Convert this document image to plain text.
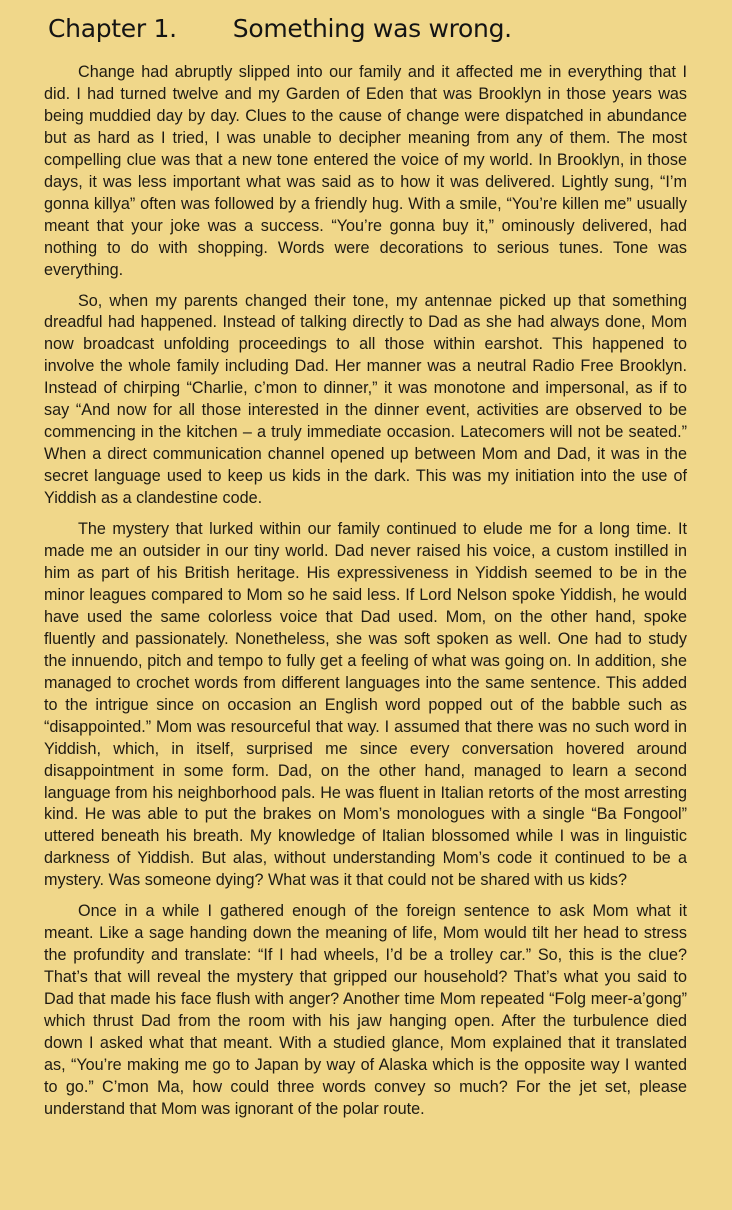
Chapter 1. Something was wrong.

Change had abruptly slipped into our family and it affected me in everything that I did. I had turned twelve and my Garden of Eden that was Brooklyn in those years was being muddied day by day. Clues to the cause of change were dispatched in abundance but as hard as I tried, I was unable to decipher meaning from any of them. The most compelling clue was that a new tone entered the voice of my world. In Brooklyn, in those days, it was less important what was said as to how it was delivered. Lightly sung, “I’m gonna killya” often was followed by a friendly hug. With a smile, “You’re killen me” usually meant that your joke was a success. “You’re gonna buy it,” ominously delivered, had nothing to do with shopping. Words were decorations to serious tunes. Tone was everything.

So, when my parents changed their tone, my antennae picked up that something dreadful had happened. Instead of talking directly to Dad as she had always done, Mom now broadcast unfolding proceedings to all those within earshot. This happened to involve the whole family including Dad. Her manner was a neutral Radio Free Brooklyn. Instead of chirping “Charlie, c’mon to dinner,” it was monotone and impersonal, as if to say “And now for all those interested in the dinner event, activities are observed to be commencing in the kitchen – a truly immediate occasion. Latecomers will not be seated.” When a direct communication channel opened up between Mom and Dad, it was in the secret language used to keep us kids in the dark. This was my initiation into the use of Yiddish as a clandestine code.

The mystery that lurked within our family continued to elude me for a long time. It made me an outsider in our tiny world. Dad never raised his voice, a custom instilled in him as part of his British heritage. His expressiveness in Yiddish seemed to be in the minor leagues compared to Mom so he said less. If Lord Nelson spoke Yiddish, he would have used the same colorless voice that Dad used. Mom, on the other hand, spoke fluently and passionately. Nonetheless, she was soft spoken as well. One had to study the innuendo, pitch and tempo to fully get a feeling of what was going on. In addition, she managed to crochet words from different languages into the same sentence. This added to the intrigue since on occasion an English word popped out of the babble such as “disappointed.” Mom was resourceful that way. I assumed that there was no such word in Yiddish, which, in itself, surprised me since every conversation hovered around disappointment in some form. Dad, on the other hand, managed to learn a second language from his neighborhood pals. He was fluent in Italian retorts of the most arresting kind. He was able to put the brakes on Mom’s monologues with a single “Ba Fongool” uttered beneath his breath. My knowledge of Italian blossomed while I was in linguistic darkness of Yiddish. But alas, without understanding Mom’s code it continued to be a mystery. Was someone dying? What was it that could not be shared with us kids?

Once in a while I gathered enough of the foreign sentence to ask Mom what it meant. Like a sage handing down the meaning of life, Mom would tilt her head to stress the profundity and translate: “If I had wheels, I’d be a trolley car.” So, this is the clue? That’s that will reveal the mystery that gripped our household? That’s what you said to Dad that made his face flush with anger? Another time Mom repeated “Folg meer-a’gong” which thrust Dad from the room with his jaw hanging open. After the turbulence died down I asked what that meant. With a studied glance, Mom explained that it translated as, “You’re making me go to Japan by way of Alaska which is the opposite way I wanted to go.” C’mon Ma, how could three words convey so much? For the jet set, please understand that Mom was ignorant of the polar route.
